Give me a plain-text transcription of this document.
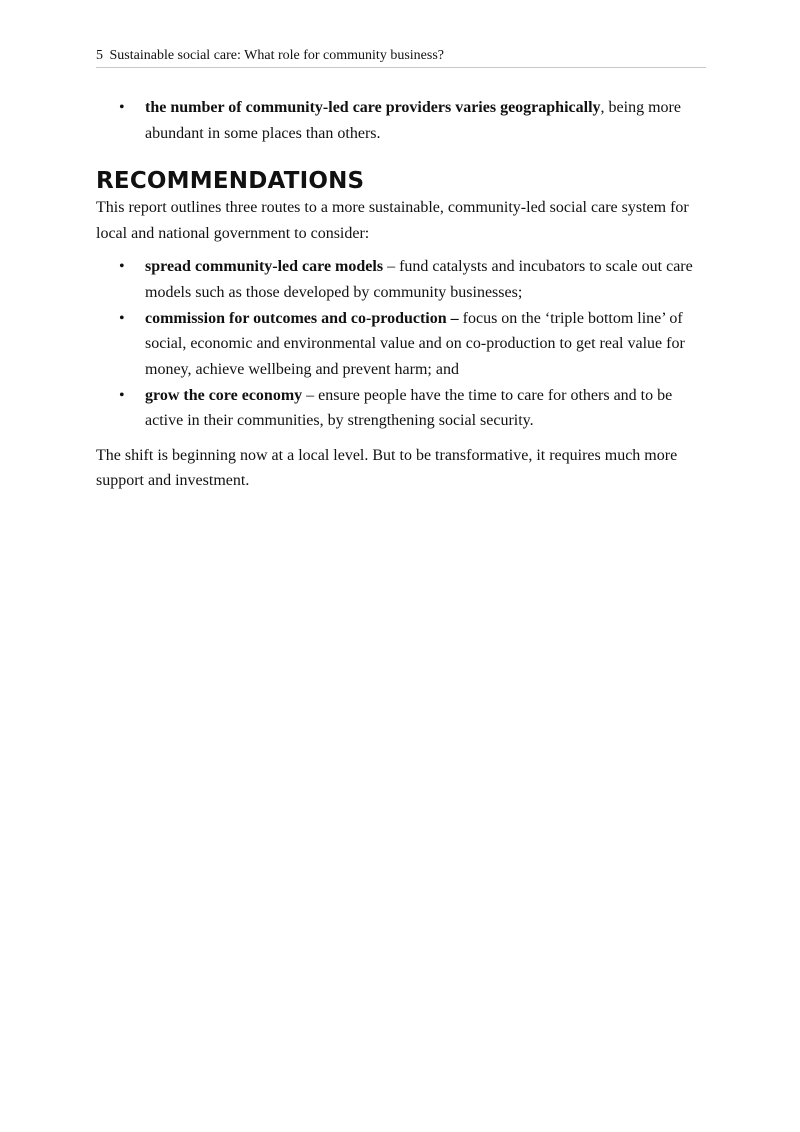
5 Sustainable social care: What role for community business?
• the number of community-led care providers varies geographically, being more abundant in some places than others.
RECOMMENDATIONS

This report outlines three routes to a more sustainable, community-led social care system for local and national government to consider:

• spread community-led care models – fund catalysts and incubators to scale out care models such as those developed by community businesses;
• commission for outcomes and co-production – focus on the ‘triple bottom line’ of social, economic and environmental value and on co-production to get real value for money, achieve wellbeing and prevent harm; and
• grow the core economy – ensure people have the time to care for others and to be active in their communities, by strengthening social security.

The shift is beginning now at a local level. But to be transformative, it requires much more support and investment.
